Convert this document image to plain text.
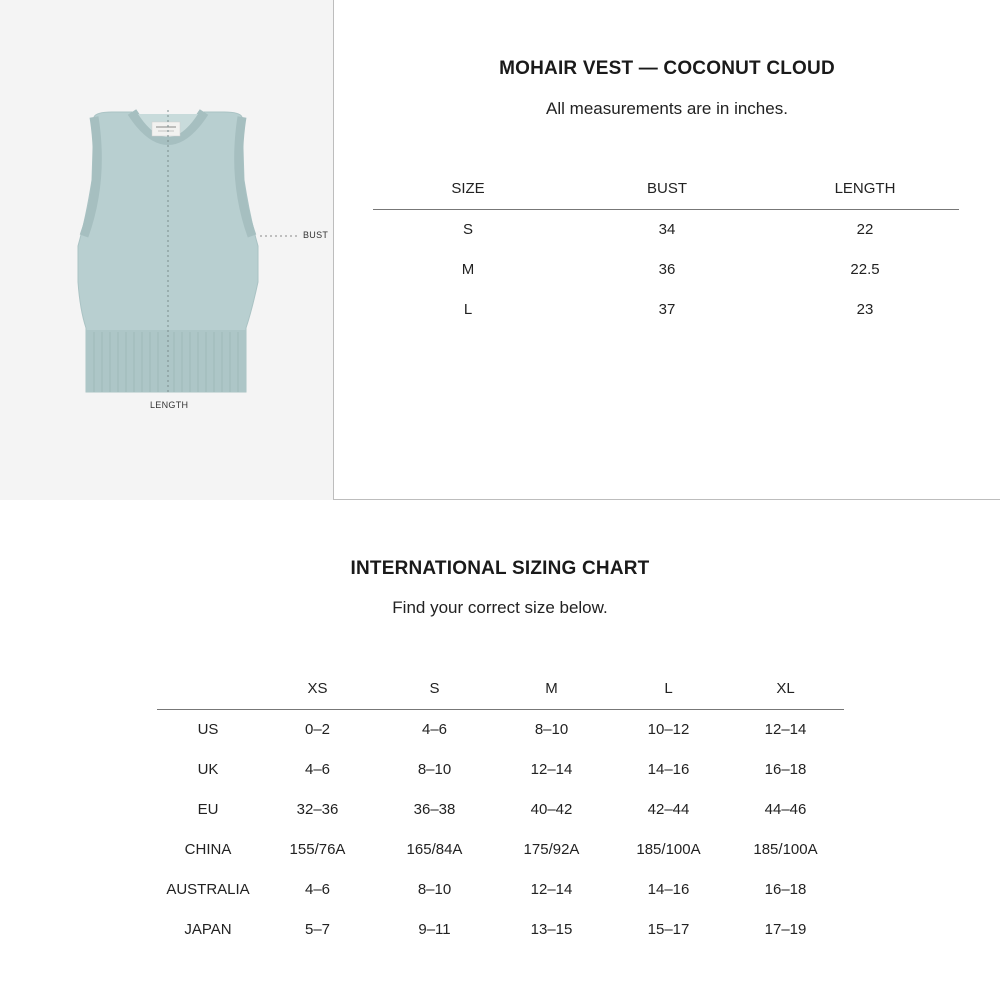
BUST
LENGTH
MOHAIR VEST — COCONUT CLOUD
All measurements are in inches.
SIZE	BUST	LENGTH
S	34	22
M	36	22.5
L	37	23
INTERNATIONAL SIZING CHART
Find your correct size below.
	XS	S	M	L	XL
US	0–2	4–6	8–10	10–12	12–14
UK	4–6	8–10	12–14	14–16	16–18
EU	32–36	36–38	40–42	42–44	44–46
CHINA	155/76A	165/84A	175/92A	185/100A	185/100A
AUSTRALIA	4–6	8–10	12–14	14–16	16–18
JAPAN	5–7	9–11	13–15	15–17	17–19
